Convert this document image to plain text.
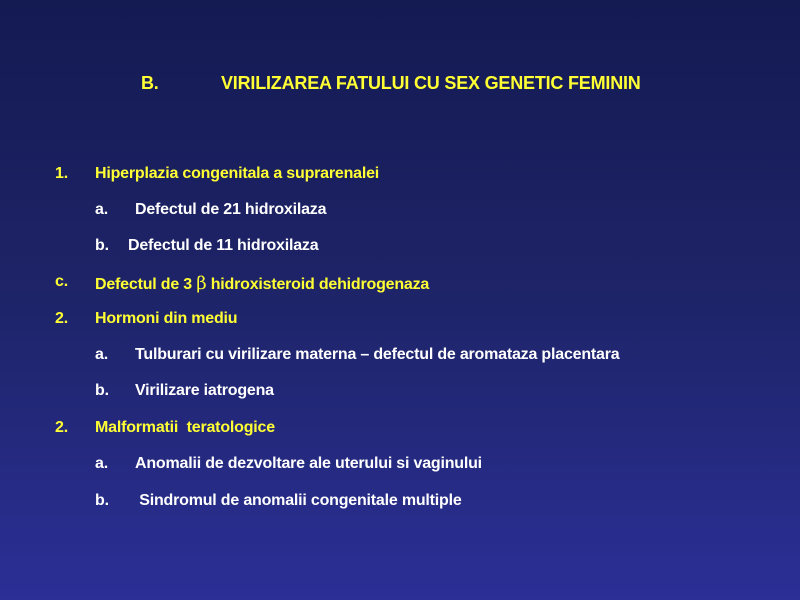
B.	VIRILIZAREA FATULUI CU SEX GENETIC FEMININ
1. Hiperplazia congenitala a suprarenalei
a. Defectul de 21 hidroxilaza
b. Defectul de 11 hidroxilaza
c. Defectul de 3 β hidroxisteroid dehidrogenaza
2. Hormoni din mediu
a. Tulburari cu virilizare materna – defectul de aromataza placentara
b. Virilizare iatrogena
2. Malformatii  teratologice
a. Anomalii de dezvoltare ale uterului si vaginului
b. Sindromul de anomalii congenitale multiple
